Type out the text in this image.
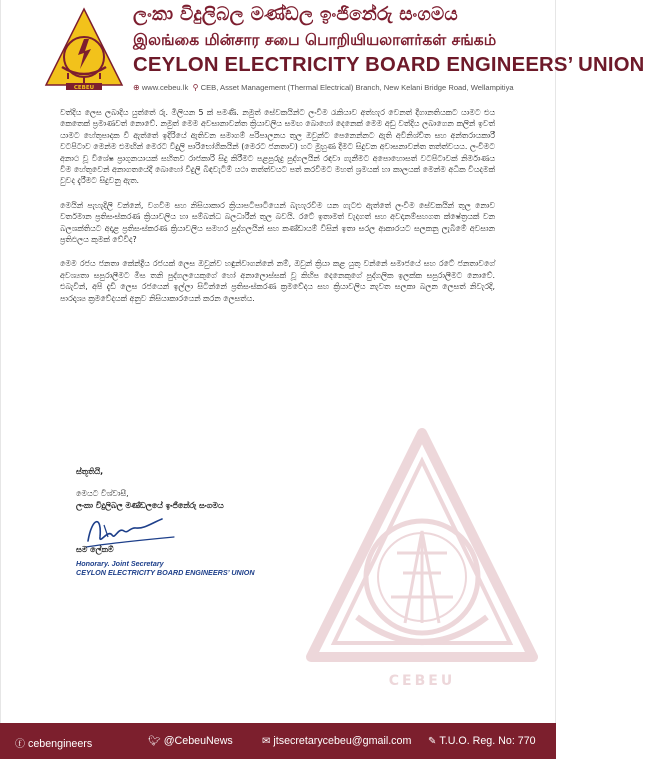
CEBEU
ලංකා විදුලිබල මණ්ඩල ඉංජිනේරු සංගමය
இலங்கை மின்சார சபை பொறியியலாளர்கள் சங்கம்
CEYLON ELECTRICITY BOARD ENGINEERS’ UNION
⊕ www.cebeu.lk  ⚲ CEB, Asset Management (Thermal Electrical) Branch, New Kelani Bridge Road, Wellampitiya
CEBEU

වත්දිය ලෙස ලබාදිය යුත්තේ රු. මිලියන 5 ක් පමණි. නමුත් සේවකයින්ට ලංවීම රැකියාව අත්හැර වෙනත් දීගානතියකට යාමට එය කෙතෙක් ප්‍රමාණවත් නොවේ. නමුත් මෙම අවසානාවන්ත ක්‍රියාවලිය සමඟ බොහෝ දෙනෙක් මෙම අඩු වත්දිය ලබාගෙන කලින් ඉවත් යාමට හේතුපාදක වී ඇත්තේ ඉදිරියේ ඇතිවන සමාගම් පරිපාලනය තුල ඔවුන්ට පෙනෙන්නට ඇති අවිනිශ්චිත සහ අන්තරායකාරී වටපිටාව මෙන්ම එමඟින් මෙරට විදුලි පාරිභෝගිකයින් (මෙරට ජනතාව) හට මුහුණ දීමට සිදුවන අවාසනාවන්ත තත්ත්වයය. ලංවීමට අනාථ වූ විශේෂ ප්‍රාගුනයායක් සහිතව රාජකාරි සිදු කිරීමට පළපුරුදු පුද්ගලයින් රඳවා ගැනීමට අපොහොසත් වටපිටාවක් නිර්මාණය වීම හේතුවෙන් අනාගතයේදී බොහෝ විදුලි බිඳවැටීම් යථා තත්ත්වයට පත් කරවීමට මහත් ශ්‍රමයක් හා කාලයක් මෙන්ම අධික වියදමක් වුවද දැරීමට සිදුවනු ඇත.

මෙයින් පැහැදිලි වන්නේ, වගවීම සහ නිසියාකාර ක්‍රියාපටිපාටියෙන් බැහැරවීම යන ගැටළු ඇත්තේ ලංවීම සේවකයින් තුල නොව වර්තමාන ප්‍රතිසංස්කරණ ක්‍රියාවලිය හා සම්බන්ධ බලධාරීන් තුල බවයි. රටේ ඉතාමත් වැදගත් සහ අවදානම්සහගත ක්ෂේත්‍රයක් වන බලශක්තියට අදාළ ප්‍රතිසංස්කරණ ක්‍රියාවලිය සමහර පුද්ගලයින් සහ කණ්ඩායම් විසින් ඉතා සරල ආකාරයට සලකනු ලැබීමේ අවසාන ප්‍රතිඵලය කුමක් වේවිද?

මෙම රජය ජනතා කේන්ද්‍රීය රජයක් ලෙස ඔවුන්ව හඳුන්වාගන්නේ නම්, ඔවුන් ක්‍රියා කළ යුතු වන්නේ සමාජයේ සහ රටේ ජනතාවගේ අවශ්‍යතා සපුරාලීමට මිස තනි පුද්ගලයෙකුගේ හෝ අනාලොස්සක් වූ කිහිප දෙනෙකුගේ පුද්ගලික ඉලක්ක සපුරාලීමට නොවේ. එබැවින්, අපි දැඩි ලෙස රජයෙන් ඉල්ලා සිටින්නේ ප්‍රතිසංස්කරණ ක්‍රමවේදය සහ ක්‍රියාවලිය නැවත සලකා බලන ලෙසත් නිවැරදි, පාරදෘශ්‍ය ක්‍රමවේදයක් අනුව නිසියාකාරයෙන් කරන ලෙසත්ය.

ස්තූතියි,
මෙයට විශ්වාසී,
ලංකා විදුලිබල මණ්ඩලයේ ඉංජිනේරු සංගමය
සම ලේකම්
Honorary. Joint Secretary
CEYLON ELECTRICITY BOARD ENGINEERS’ UNION
ⓕ cebengineers	🐦︎ @CebeuNews	✉ jtsecretarycebeu@gmail.com ✎ T.U.O. Reg. No: 770
